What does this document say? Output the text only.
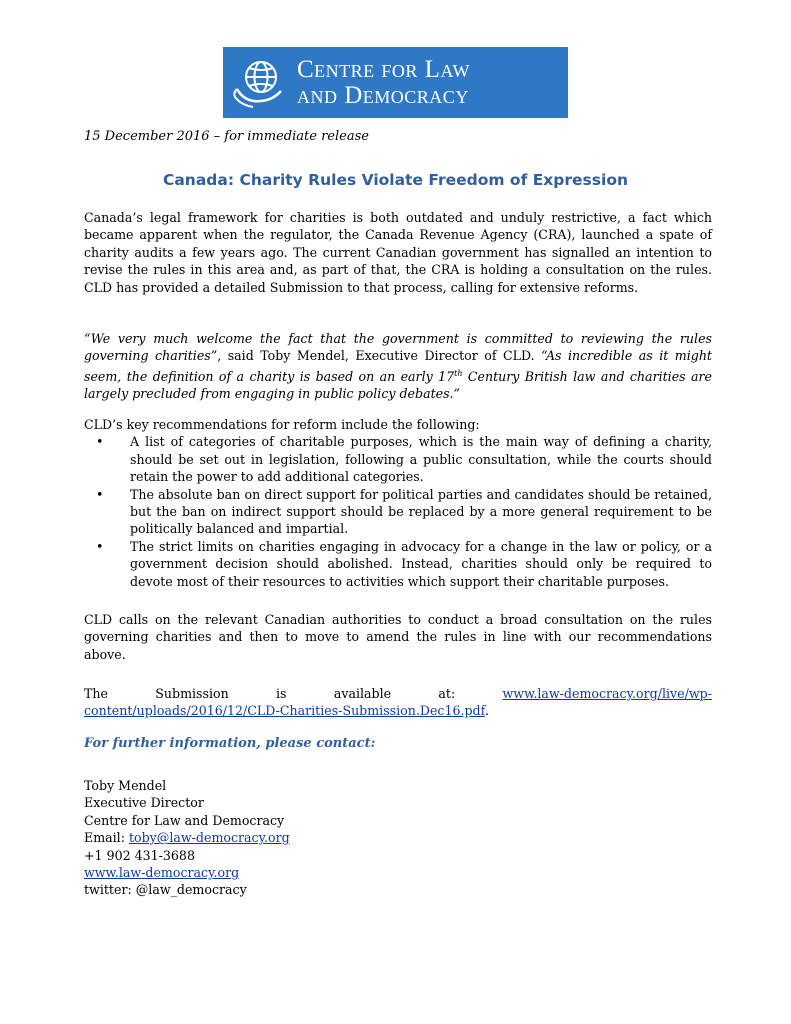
Centre for Law
and Democracy
15 December 2016 – for immediate release
Canada: Charity Rules Violate Freedom of Expression

Canada’s legal framework for charities is both outdated and unduly restrictive, a fact which became apparent when the regulator, the Canada Revenue Agency (CRA), launched a spate of charity audits a few years ago. The current Canadian government has signalled an intention to revise the rules in this area and, as part of that, the CRA is holding a consultation on the rules. CLD has provided a detailed Submission to that process, calling for extensive reforms.

“We very much welcome the fact that the government is committed to reviewing the rules governing charities”, said Toby Mendel, Executive Director of CLD. “As incredible as it might seem, the definition of a charity is based on an early 17th Century British law and charities are largely precluded from engaging in public policy debates.”

CLD’s key recommendations for reform include the following:

•	A list of categories of charitable purposes, which is the main way of defining a charity, should be set out in legislation, following a public consultation, while the courts should retain the power to add additional categories.
•	The absolute ban on direct support for political parties and candidates should be retained, but the ban on indirect support should be replaced by a more general requirement to be politically balanced and impartial.
•	The strict limits on charities engaging in advocacy for a change in the law or policy, or a government decision should abolished. Instead, charities should only be required to devote most of their resources to activities which support their charitable purposes.

CLD calls on the relevant Canadian authorities to conduct a broad consultation on the rules governing charities and then to move to amend the rules in line with our recommendations above.

The	Submission	is	available	at:	www.law-democracy.org/live/wp-
content/uploads/2016/12/CLD-Charities-Submission.Dec16.pdf.
For further information, please contact:
Toby Mendel
Executive Director
Centre for Law and Democracy
Email: toby@law-democracy.org
+1 902 431-3688
www.law-democracy.org
twitter: @law_democracy
